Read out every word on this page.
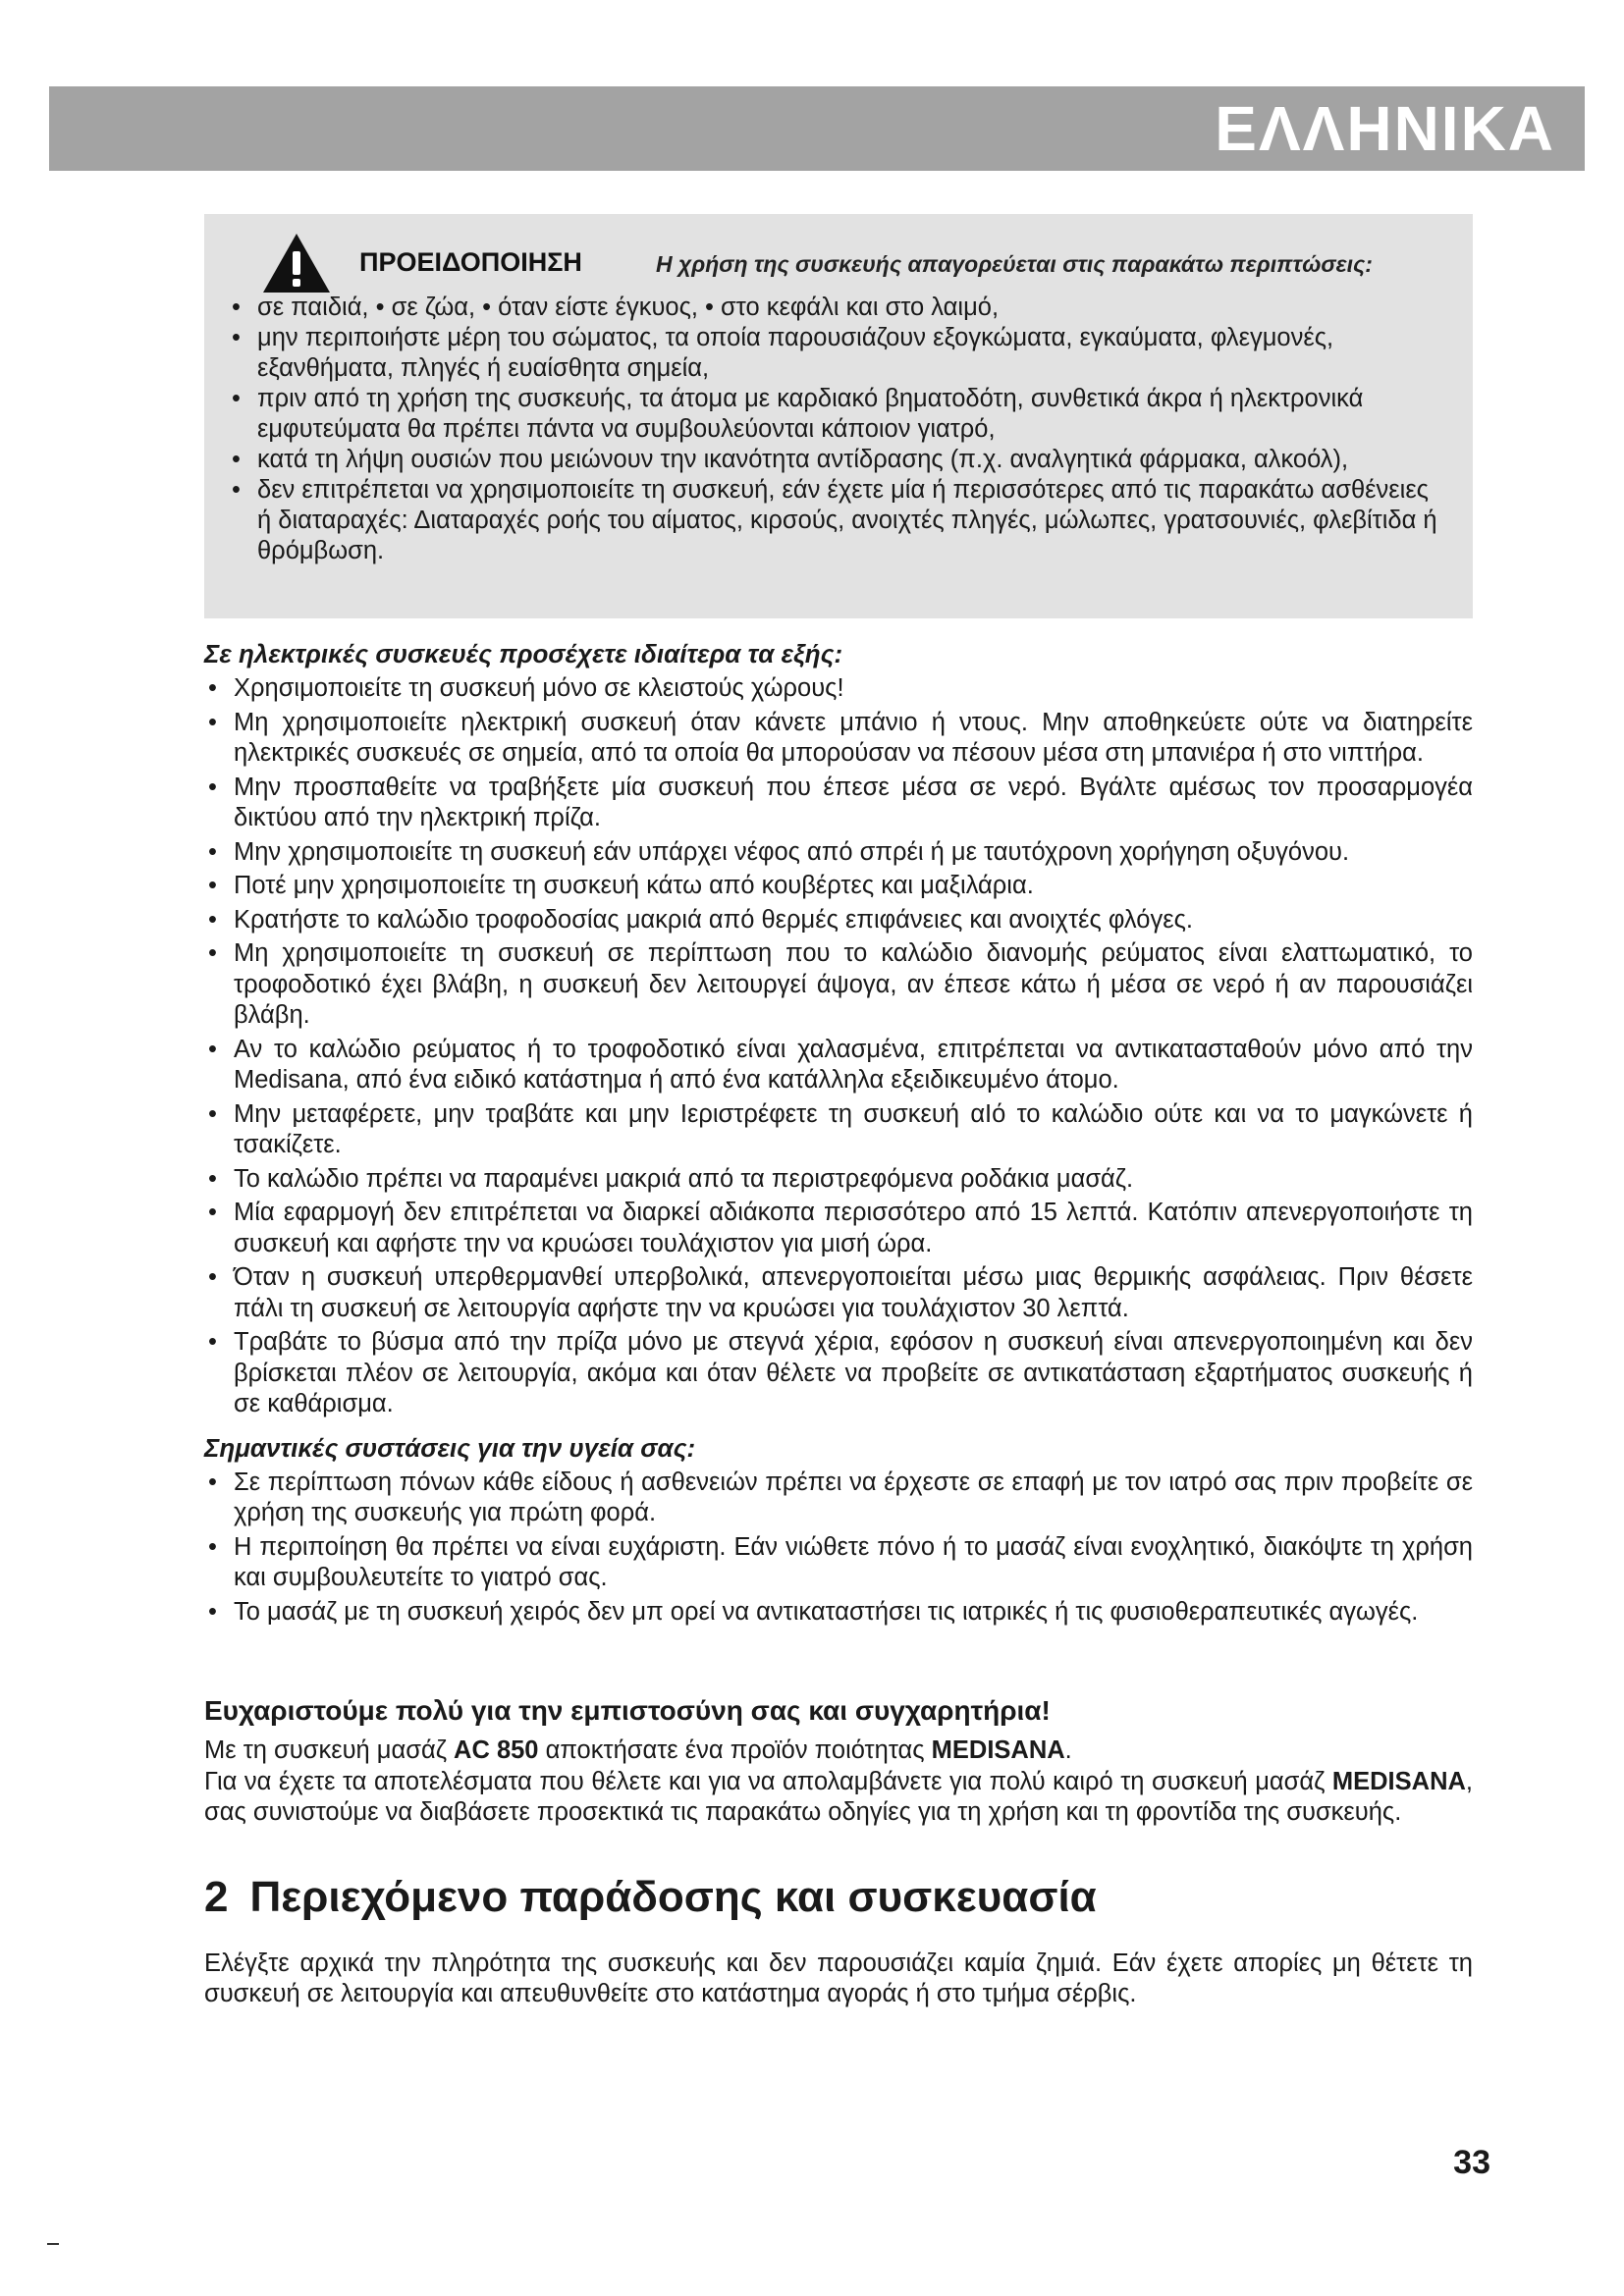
ΕΛΛΗΝΙΚΑ
ΠΡΟΕΙΔΟΠΟΙΗΣΗ	Η χρήση της συσκευής απαγορεύεται στις παρακάτω περιπτώσεις:
• σε παιδιά, • σε ζώα, • όταν είστε έγκυος, • στο κεφάλι και στο λαιμό,
• μην περιποιήστε μέρη του σώματος, τα οποία παρουσιάζουν εξογκώματα, εγκαύματα, φλεγμονές, εξανθήματα, πληγές ή ευαίσθητα σημεία,
• πριν από τη χρήση της συσκευής, τα άτομα με καρδιακό βηματοδότη, συνθετικά άκρα ή ηλεκτρονικά εμφυτεύματα θα πρέπει πάντα να συμβουλεύονται κάποιον γιατρό,
• κατά τη λήψη ουσιών που μειώνουν την ικανότητα αντίδρασης (π.χ. αναλγητικά φάρμακα, αλκοόλ),
• δεν επιτρέπεται να χρησιμοποιείτε τη συσκευή, εάν έχετε μία ή περισσότερες από τις παρακάτω ασθένειες ή διαταραχές: Διαταραχές ροής του αίματος, κιρσούς, ανοιχτές πληγές, μώλωπες, γρατσουνιές, φλεβίτιδα ή θρόμβωση.
Σε ηλεκτρικές συσκευές προσέχετε ιδιαίτερα τα εξής:
• Χρησιμοποιείτε τη συσκευή μόνο σε κλειστούς χώρους!
• Μη χρησιμοποιείτε ηλεκτρική συσκευή όταν κάνετε μπάνιο ή ντους. Μην αποθηκεύετε ούτε να διατηρείτε ηλεκτρικές συσκευές σε σημεία, από τα οποία θα μπορούσαν να πέσουν μέσα στη μπανιέρα ή στο νιπτήρα.
• Μην προσπαθείτε να τραβήξετε μία συσκευή που έπεσε μέσα σε νερό. Βγάλτε αμέσως τον προσαρμογέα δικτύου από την ηλεκτρική πρίζα.
• Μην χρησιμοποιείτε τη συσκευή εάν υπάρχει νέφος από σπρέι ή με ταυτόχρονη χορήγηση οξυγόνου.
• Ποτέ μην χρησιμοποιείτε τη συσκευή κάτω από κουβέρτες και μαξιλάρια.
• Κρατήστε το καλώδιο τροφοδοσίας μακριά από θερμές επιφάνειες και ανοιχτές φλόγες.
• Μη χρησιμοποιείτε τη συσκευή σε περίπτωση που το καλώδιο διανομής ρεύματος είναι ελαττωματικό, το τροφοδοτικό έχει βλάβη, η συσκευή δεν λειτουργεί άψογα, αν έπεσε κάτω ή μέσα σε νερό ή αν παρουσιάζει βλάβη.
• Αν το καλώδιο ρεύματος ή το τροφοδοτικό είναι χαλασμένα, επιτρέπεται να αντικατασταθούν μόνο από την Medisana, από ένα ειδικό κατάστημα ή από ένα κατάλληλα εξειδικευμένο άτομο.
• Μην μεταφέρετε, μην τραβάτε και μην Ιεριστρέφετε τη συσκευή αIό το καλώδιο ούτε και να το μαγκώνετε ή τσακίζετε.
• Το καλώδιο πρέπει να παραμένει μακριά από τα περιστρεφόμενα ροδάκια μασάζ.
• Μία εφαρμογή δεν επιτρέπεται να διαρκεί αδιάκοπα περισσότερο από 15 λεπτά. Κατόπιν απενεργοποιήστε τη συσκευή και αφήστε την να κρυώσει τουλάχιστον για μισή ώρα.
• Όταν η συσκευή υπερθερμανθεί υπερβολικά, απενεργοποιείται μέσω μιας θερμικής ασφάλειας. Πριν θέσετε πάλι τη συσκευή σε λειτουργία αφήστε την να κρυώσει για τουλάχιστον 30 λεπτά.
• Τραβάτε το βύσμα από την πρίζα μόνο με στεγνά χέρια, εφόσον η συσκευή είναι απενεργοποιημένη και δεν βρίσκεται πλέον σε λειτουργία, ακόμα και όταν θέλετε να προβείτε σε αντικατάσταση εξαρτήματος συσκευής ή σε καθάρισμα.
Σημαντικές συστάσεις για την υγεία σας:
• Σε περίπτωση πόνων κάθε είδους ή ασθενειών πρέπει να έρχεστε σε επαφή με τον ιατρό σας πριν προβείτε σε χρήση της συσκευής για πρώτη φορά.
• Η περιποίηση θα πρέπει να είναι ευχάριστη. Εάν νιώθετε πόνο ή το μασάζ είναι ενοχλητικό, διακόψτε τη χρήση και συμβουλευτείτε το γιατρό σας.
• Το μασάζ με τη συσκευή χειρός δεν μπ ορεί να αντικαταστήσει τις ιατρικές ή τις φυσιοθεραπευτικές αγωγές.
Ευχαριστούμε πολύ για την εμπιστοσύνη σας και συγχαρητήρια!

Με τη συσκευή μασάζ AC 850 αποκτήσατε ένα προϊόν ποιότητας MEDISANA.

Για να έχετε τα αποτελέσματα που θέλετε και για να απολαμβάνετε για πολύ καιρό τη συσκευή μασάζ MEDISANA, σας συνιστούμε να διαβάσετε προσεκτικά τις παρακάτω οδηγίες για τη χρήση και τη φροντίδα της συσκευής.

2 Περιεχόμενο παράδοσης και συσκευασία

Ελέγξτε αρχικά την πληρότητα της συσκευής και δεν παρουσιάζει καμία ζημιά. Εάν έχετε απορίες μη θέτετε τη συσκευή σε λειτουργία και απευθυνθείτε στο κατάστημα αγοράς ή στο τμήμα σέρβις.

33
